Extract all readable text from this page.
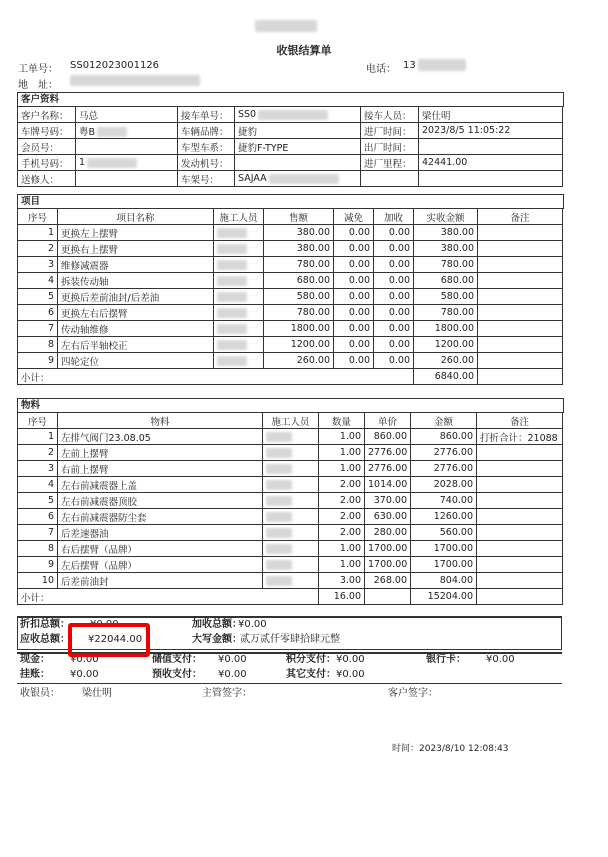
收银结算单
工单号： SS012023001126	电话： 13
地　址：
客户资料
客户名称：	马总	接车单号：	SS0	接车人员：	梁仕明
车牌号码：	粤B	车辆品牌：	捷豹	进厂时间：	2023/8/5 11:05:22
会员号：		车型车系：	捷豹F-TYPE	出厂时间：	
手机号码：	1	发动机号：		进厂里程：	42441.00
送修人：		车架号：	SAJAA		
项目
序号	项目名称	施工人员	售额	减免	加收	实收金额	备注
1	更换左上摆臂		380.00	0.00	0.00	380.00	
2	更换右上摆臂		380.00	0.00	0.00	380.00	
3	维修减震器		780.00	0.00	0.00	780.00	
4	拆装传动轴		680.00	0.00	0.00	680.00	
5	更换后差前油封/后差油		580.00	0.00	0.00	580.00	
6	更换左右后摆臂		780.00	0.00	0.00	780.00	
7	传动轴维修		1800.00	0.00	0.00	1800.00	
8	左右后半轴校正		1200.00	0.00	0.00	1200.00	
9	四轮定位		260.00	0.00	0.00	260.00	
小计：						6840.00	
物料
序号	物料	施工人员	数量	单价	金额	备注
1	左排气阀门23.08.05		1.00	860.00	860.00	打折合计：21088
2	左前上摆臂		1.00	2776.00	2776.00	
3	右前上摆臂		1.00	2776.00	2776.00	
4	左右前减震器上盖		2.00	1014.00	2028.00	
5	左右前减震器顶胶		2.00	370.00	740.00	
6	左右前减震器防尘套		2.00	630.00	1260.00	
7	后差速器油		2.00	280.00	560.00	
8	右后摆臂（品牌）		1.00	1700.00	1700.00	
9	左后摆臂（品牌）		1.00	1700.00	1700.00	
10	后差前油封		3.00	268.00	804.00	
小计：			16.00		15204.00	
折扣总额： ¥0.00	加收总额：
¥0.00
应收总额： ¥22044.00	大写金额：
贰万贰仟零肆拾肆元整
现金： ¥0.00	储值支付： ¥0.00	积分支付： ¥0.00	银行卡： ¥0.00
挂账： ¥0.00	预收支付： ¥0.00	其它支付： ¥0.00
收银员： 梁仕明	主管签字：	客户签字：
时间：2023/8/10 12:08:43
